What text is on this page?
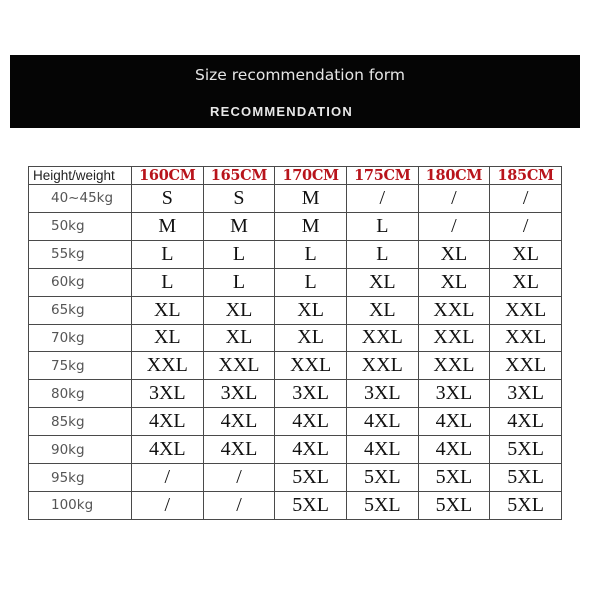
Size recommendation form
RECOMMENDATION
Height/weight	160CM	165CM	170CM	175CM	180CM	185CM
40~45kg	S	S	M	/	/	/
50kg	M	M	M	L	/	/
55kg	L	L	L	L	XL	XL
60kg	L	L	L	XL	XL	XL
65kg	XL	XL	XL	XL	XXL	XXL
70kg	XL	XL	XL	XXL	XXL	XXL
75kg	XXL	XXL	XXL	XXL	XXL	XXL
80kg	3XL	3XL	3XL	3XL	3XL	3XL
85kg	4XL	4XL	4XL	4XL	4XL	4XL
90kg	4XL	4XL	4XL	4XL	4XL	5XL
95kg	/	/	5XL	5XL	5XL	5XL
100kg	/	/	5XL	5XL	5XL	5XL
